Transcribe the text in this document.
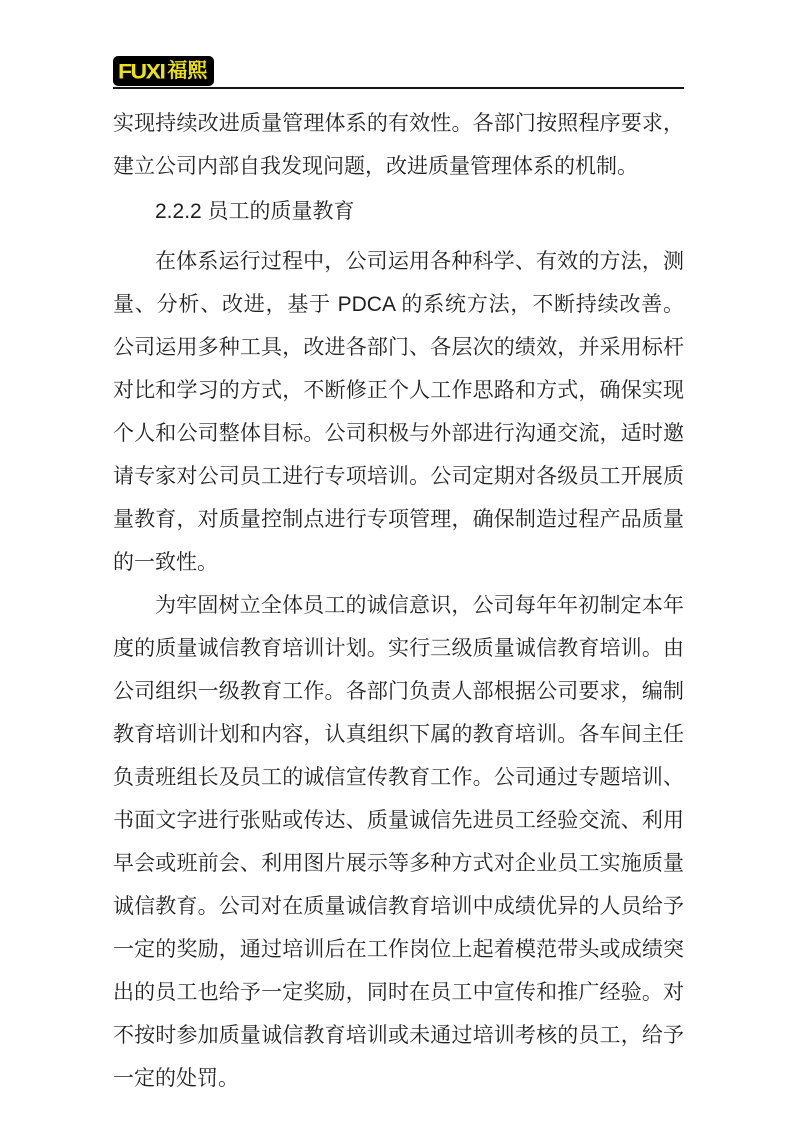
FUXI 福熙

实现持续改进质量管理体系的有效性。各部门按照程序要求，建立公司内部自我发现问题，改进质量管理体系的机制。

2.2.2 员工的质量教育

在体系运行过程中，公司运用各种科学、有效的方法，测量、分析、改进，基于 PDCA 的系统方法，不断持续改善。公司运用多种工具，改进各部门、各层次的绩效，并采用标杆对比和学习的方式，不断修正个人工作思路和方式，确保实现个人和公司整体目标。公司积极与外部进行沟通交流，适时邀请专家对公司员工进行专项培训。公司定期对各级员工开展质量教育，对质量控制点进行专项管理，确保制造过程产品质量的一致性。

为牢固树立全体员工的诚信意识，公司每年年初制定本年度的质量诚信教育培训计划。实行三级质量诚信教育培训。由公司组织一级教育工作。各部门负责人部根据公司要求，编制教育培训计划和内容，认真组织下属的教育培训。各车间主任负责班组长及员工的诚信宣传教育工作。公司通过专题培训、书面文字进行张贴或传达、质量诚信先进员工经验交流、利用早会或班前会、利用图片展示等多种方式对企业员工实施质量诚信教育。公司对在质量诚信教育培训中成绩优异的人员给予一定的奖励，通过培训后在工作岗位上起着模范带头或成绩突出的员工也给予一定奖励，同时在员工中宣传和推广经验。对不按时参加质量诚信教育培训或未通过培训考核的员工，给予一定的处罚。
